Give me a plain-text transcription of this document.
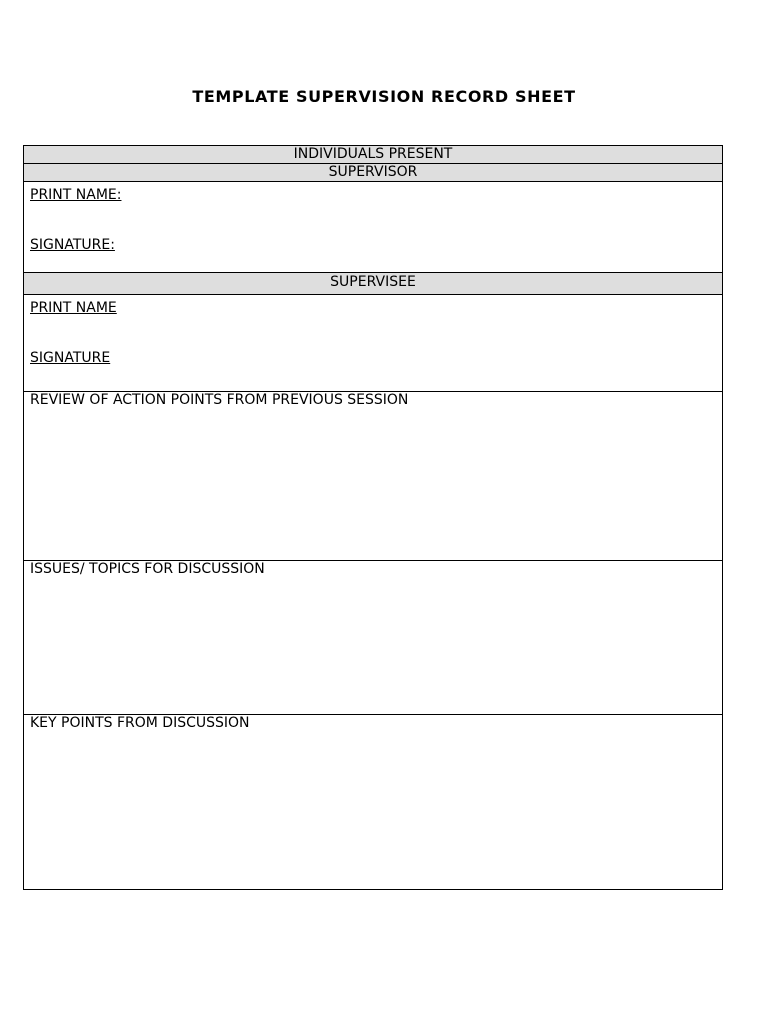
TEMPLATE SUPERVISION RECORD SHEET
INDIVIDUALS PRESENT
SUPERVISOR
PRINT NAME:
SIGNATURE:
SUPERVISEE
PRINT NAME
SIGNATURE
REVIEW OF ACTION POINTS FROM PREVIOUS SESSION
ISSUES/ TOPICS FOR DISCUSSION
KEY POINTS FROM DISCUSSION
